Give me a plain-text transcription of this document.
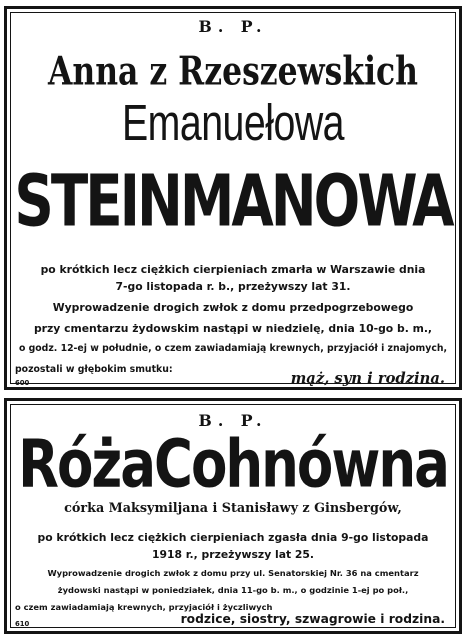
B. P.
Anna z Rzeszewskich
Emanuełowa
STEINMANOWA
po krótkich lecz ciężkich cierpieniach zmarła w Warszawie dnia
7-go listopada r. b., przeżywszy lat 31.
Wyprowadzenie drogich zwłok z domu przedpogrzebowego
przy cmentarzu żydowskim nastąpi w niedzielę, dnia 10-go b. m.,
o godz. 12-ej w południe, o czem zawiadamiają krewnych, przyjaciół i znajomych,
pozostali w głębokim smutku:
600	mąż, syn i rodzina.
B. P.
RóżaCohnówna
córka Maksymiljana i Stanisławy z Ginsbergów,
po krótkich lecz ciężkich cierpieniach zgasła dnia 9-go listopada
1918 r., przeżywszy lat 25.
Wyprowadzenie drogich zwłok z domu przy ul. Senatorskiej Nr. 36 na cmentarz
żydowski nastąpi w poniedziałek, dnia 11-go b. m., o godzinie 1-ej po poł.,
o czem zawiadamiają krewnych, przyjaciół i życzliwych
610	rodzice, siostry, szwagrowie i rodzina.
